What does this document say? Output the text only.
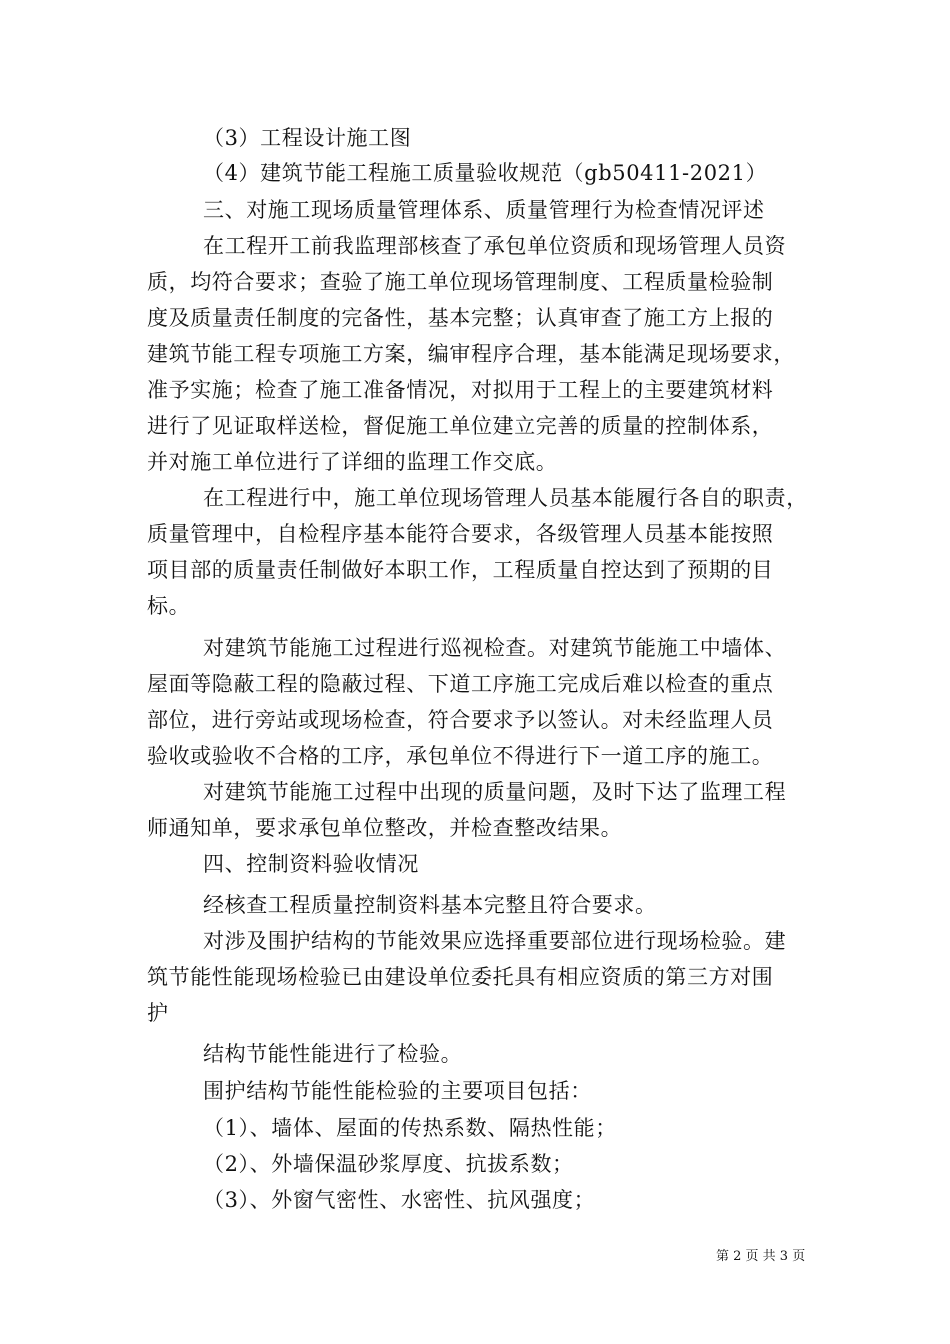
（3）工程设计施工图
（4）建筑节能工程施工质量验收规范（gb50411-2021）
三、对施工现场质量管理体系、质量管理行为检查情况评述
在工程开工前我监理部核查了承包单位资质和现场管理人员资
质，均符合要求；查验了施工单位现场管理制度、工程质量检验制
度及质量责任制度的完备性，基本完整；认真审查了施工方上报的
建筑节能工程专项施工方案，编审程序合理，基本能满足现场要求，
准予实施；检查了施工准备情况，对拟用于工程上的主要建筑材料
进行了见证取样送检，督促施工单位建立完善的质量的控制体系，
并对施工单位进行了详细的监理工作交底。
在工程进行中，施工单位现场管理人员基本能履行各自的职责，
质量管理中，自检程序基本能符合要求，各级管理人员基本能按照
项目部的质量责任制做好本职工作，工程质量自控达到了预期的目
标。
对建筑节能施工过程进行巡视检查。对建筑节能施工中墙体、
屋面等隐蔽工程的隐蔽过程、下道工序施工完成后难以检查的重点
部位，进行旁站或现场检查，符合要求予以签认。对未经监理人员
验收或验收不合格的工序，承包单位不得进行下一道工序的施工。
对建筑节能施工过程中出现的质量问题，及时下达了监理工程
师通知单，要求承包单位整改，并检查整改结果。
四、控制资料验收情况
经核查工程质量控制资料基本完整且符合要求。
对涉及围护结构的节能效果应选择重要部位进行现场检验。建
筑节能性能现场检验已由建设单位委托具有相应资质的第三方对围
护
结构节能性能进行了检验。
围护结构节能性能检验的主要项目包括：
（1）、墙体、屋面的传热系数、隔热性能；
（2）、外墙保温砂浆厚度、抗拔系数；
（3）、外窗气密性、水密性、抗风强度；
第 2 页 共 3 页
